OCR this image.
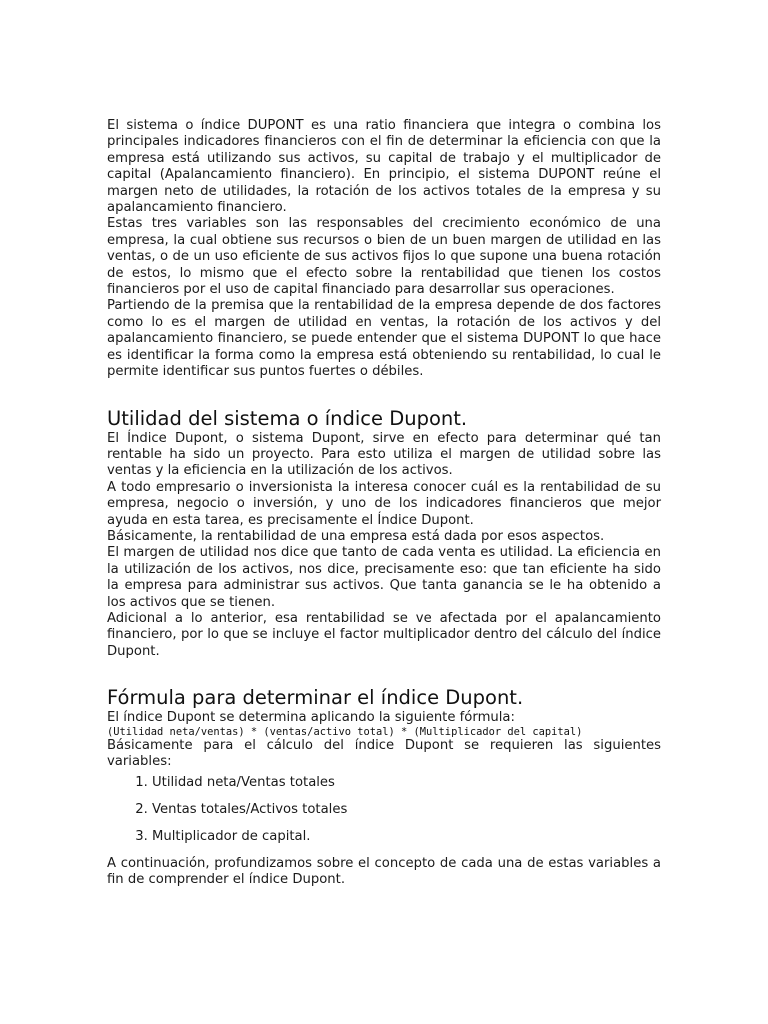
El sistema o índice DUPONT es una ratio financiera que integra o combina los principales indicadores financieros con el fin de determinar la eficiencia con que la empresa está utilizando sus activos, su capital de trabajo y el multiplicador de capital (Apalancamiento financiero). En principio, el sistema DUPONT reúne el margen neto de utilidades, la rotación de los activos totales de la empresa y su apalancamiento financiero.

Estas tres variables son las responsables del crecimiento económico de una empresa, la cual obtiene sus recursos o bien de un buen margen de utilidad en las ventas, o de un uso eficiente de sus activos fijos lo que supone una buena rotación de estos, lo mismo que el efecto sobre la rentabilidad que tienen los costos financieros por el uso de capital financiado para desarrollar sus operaciones.

Partiendo de la premisa que la rentabilidad de la empresa depende de dos factores como lo es el margen de utilidad en ventas, la rotación de los activos y del apalancamiento financiero, se puede entender que el sistema DUPONT lo que hace es identificar la forma como la empresa está obteniendo su rentabilidad, lo cual le permite identificar sus puntos fuertes o débiles.

Utilidad del sistema o índice Dupont.

El Índice Dupont, o sistema Dupont, sirve en efecto para determinar qué tan rentable ha sido un proyecto. Para esto utiliza el margen de utilidad sobre las ventas y la eficiencia en la utilización de los activos.

A todo empresario o inversionista la interesa conocer cuál es la rentabilidad de su empresa, negocio o inversión, y uno de los indicadores financieros que mejor ayuda en esta tarea, es precisamente el Índice Dupont.

Básicamente, la rentabilidad de una empresa está dada por esos aspectos.

El margen de utilidad nos dice que tanto de cada venta es utilidad. La eficiencia en la utilización de los activos, nos dice, precisamente eso: que tan eficiente ha sido la empresa para administrar sus activos. Que tanta ganancia se le ha obtenido a los activos que se tienen.

Adicional a lo anterior, esa rentabilidad se ve afectada por el apalancamiento financiero, por lo que se incluye el factor multiplicador dentro del cálculo del índice Dupont.

Fórmula para determinar el índice Dupont.

El índice Dupont se determina aplicando la siguiente fórmula:

(Utilidad neta/ventas) * (ventas/activo total) * (Multiplicador del capital)

Básicamente para el cálculo del índice Dupont se requieren las siguientes variables:

1. Utilidad neta/Ventas totales
2. Ventas totales/Activos totales
3. Multiplicador de capital.

A continuación, profundizamos sobre el concepto de cada una de estas variables a fin de comprender el índice Dupont.
